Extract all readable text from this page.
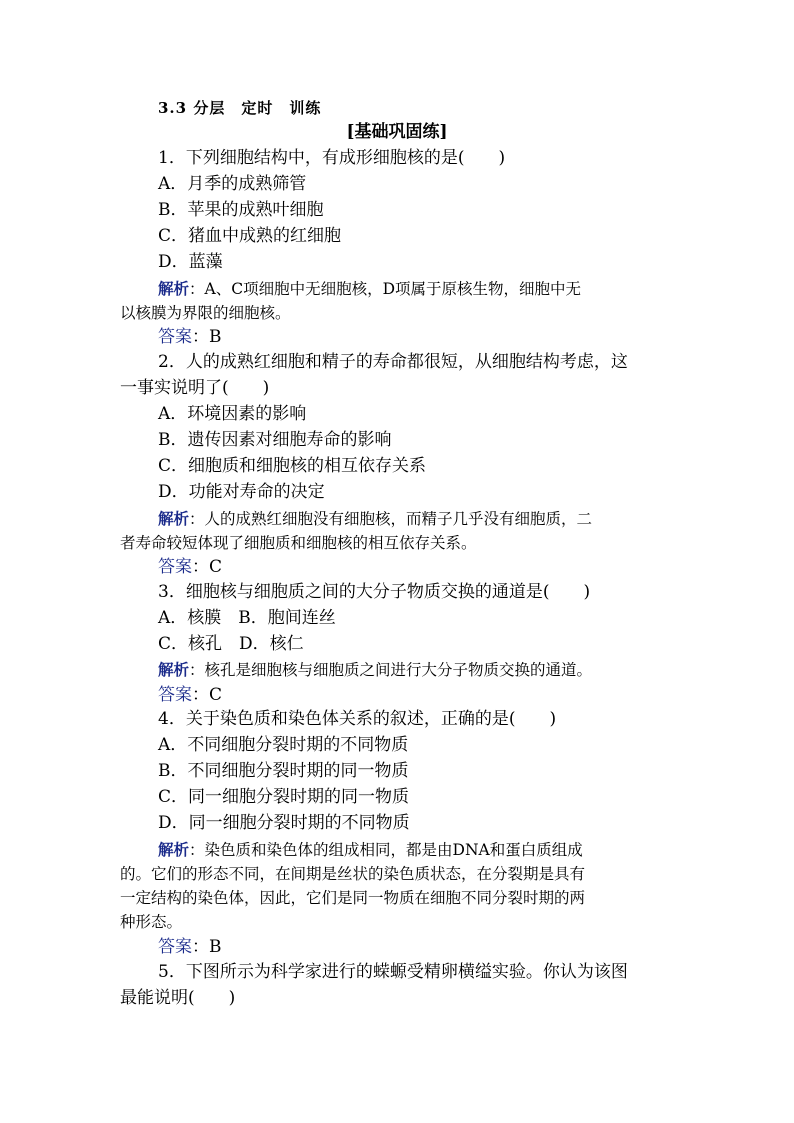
3.3 分层　定时　训练
[基础巩固练]
1．下列细胞结构中，有成形细胞核的是(　　)
A．月季的成熟筛管
B．苹果的成熟叶细胞
C．猪血中成熟的红细胞
D．蓝藻
解析：A、C项细胞中无细胞核，D项属于原核生物，细胞中无
以核膜为界限的细胞核。
答案：B
2．人的成熟红细胞和精子的寿命都很短，从细胞结构考虑，这
一事实说明了(　　)
A．环境因素的影响
B．遗传因素对细胞寿命的影响
C．细胞质和细胞核的相互依存关系
D．功能对寿命的决定
解析：人的成熟红细胞没有细胞核，而精子几乎没有细胞质，二
者寿命较短体现了细胞质和细胞核的相互依存关系。
答案：C
3．细胞核与细胞质之间的大分子物质交换的通道是(　　)
A．核膜　B．胞间连丝
C．核孔　D．核仁
解析：核孔是细胞核与细胞质之间进行大分子物质交换的通道。
答案：C
4．关于染色质和染色体关系的叙述，正确的是(　　)
A．不同细胞分裂时期的不同物质
B．不同细胞分裂时期的同一物质
C．同一细胞分裂时期的同一物质
D．同一细胞分裂时期的不同物质
解析：染色质和染色体的组成相同，都是由DNA和蛋白质组成
的。它们的形态不同，在间期是丝状的染色质状态，在分裂期是具有
一定结构的染色体，因此，它们是同一物质在细胞不同分裂时期的两
种形态。
答案：B
5．下图所示为科学家进行的蝾螈受精卵横缢实验。你认为该图
最能说明(　　)
